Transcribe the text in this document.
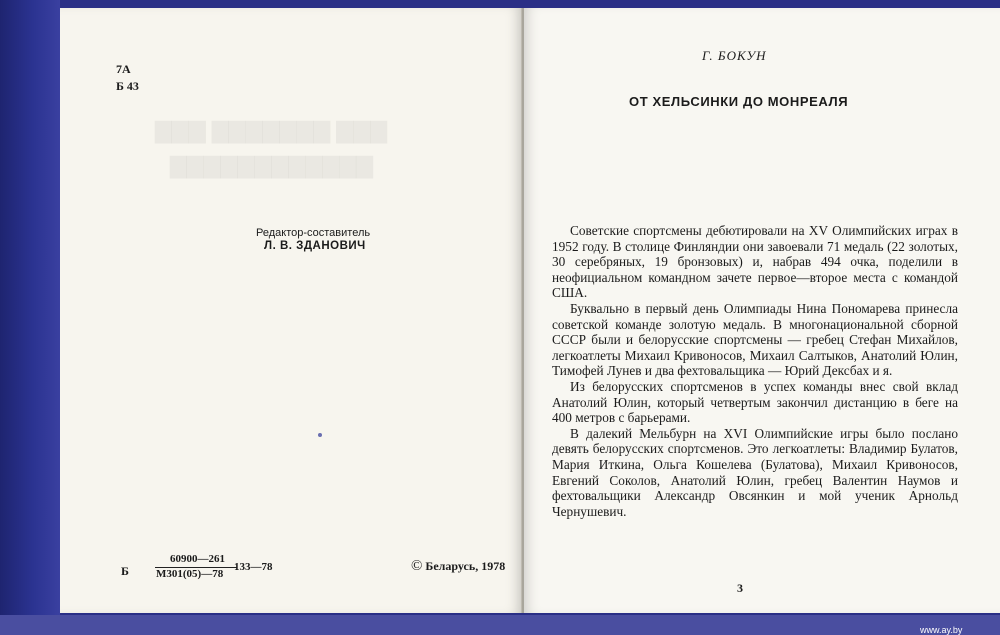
▇▇▇ ▇▇▇▇▇▇▇ ▇▇▇
▇▇▇▇▇▇▇▇▇▇▇▇
7А
Б 43
Редактор-составитель
Л. В. ЗДАНОВИЧ
Б
60900—261
М301(05)—78
133—78	© Беларусь, 1978
Г. БОКУН
ОТ ХЕЛЬСИНКИ ДО МОНРЕАЛЯ

Советские спортсмены дебютировали на XV Олимпийских играх в 1952 году. В столице Финляндии они завоевали 71 медаль (22 золотых, 30 серебряных, 19 бронзовых) и, набрав 494 очка, поделили в неофициальном командном зачете первое—второе места с командой США.

Буквально в первый день Олимпиады Нина Пономарева принесла советской команде золотую медаль. В многонациональной сборной СССР были и белорусские спортсмены — гребец Стефан Михайлов, легкоатлеты Михаил Кривоносов, Михаил Салтыков, Анатолий Юлин, Тимофей Лунев и два фехтовальщика — Юрий Дексбах и я.

Из белорусских спортсменов в успех команды внес свой вклад Анатолий Юлин, который четвертым закончил дистанцию в беге на 400 метров с барьерами.

В далекий Мельбурн на XVI Олимпийские игры было послано девять белорусских спортсменов. Это легкоатлеты: Владимир Булатов, Мария Иткина, Ольга Кошелева (Булатова), Михаил Кривоносов, Евгений Соколов, Анатолий Юлин, гребец Валентин Наумов и фехтовальщики Александр Овсянкин и мой ученик Арнольд Чернушевич.

3
www.ay.by
